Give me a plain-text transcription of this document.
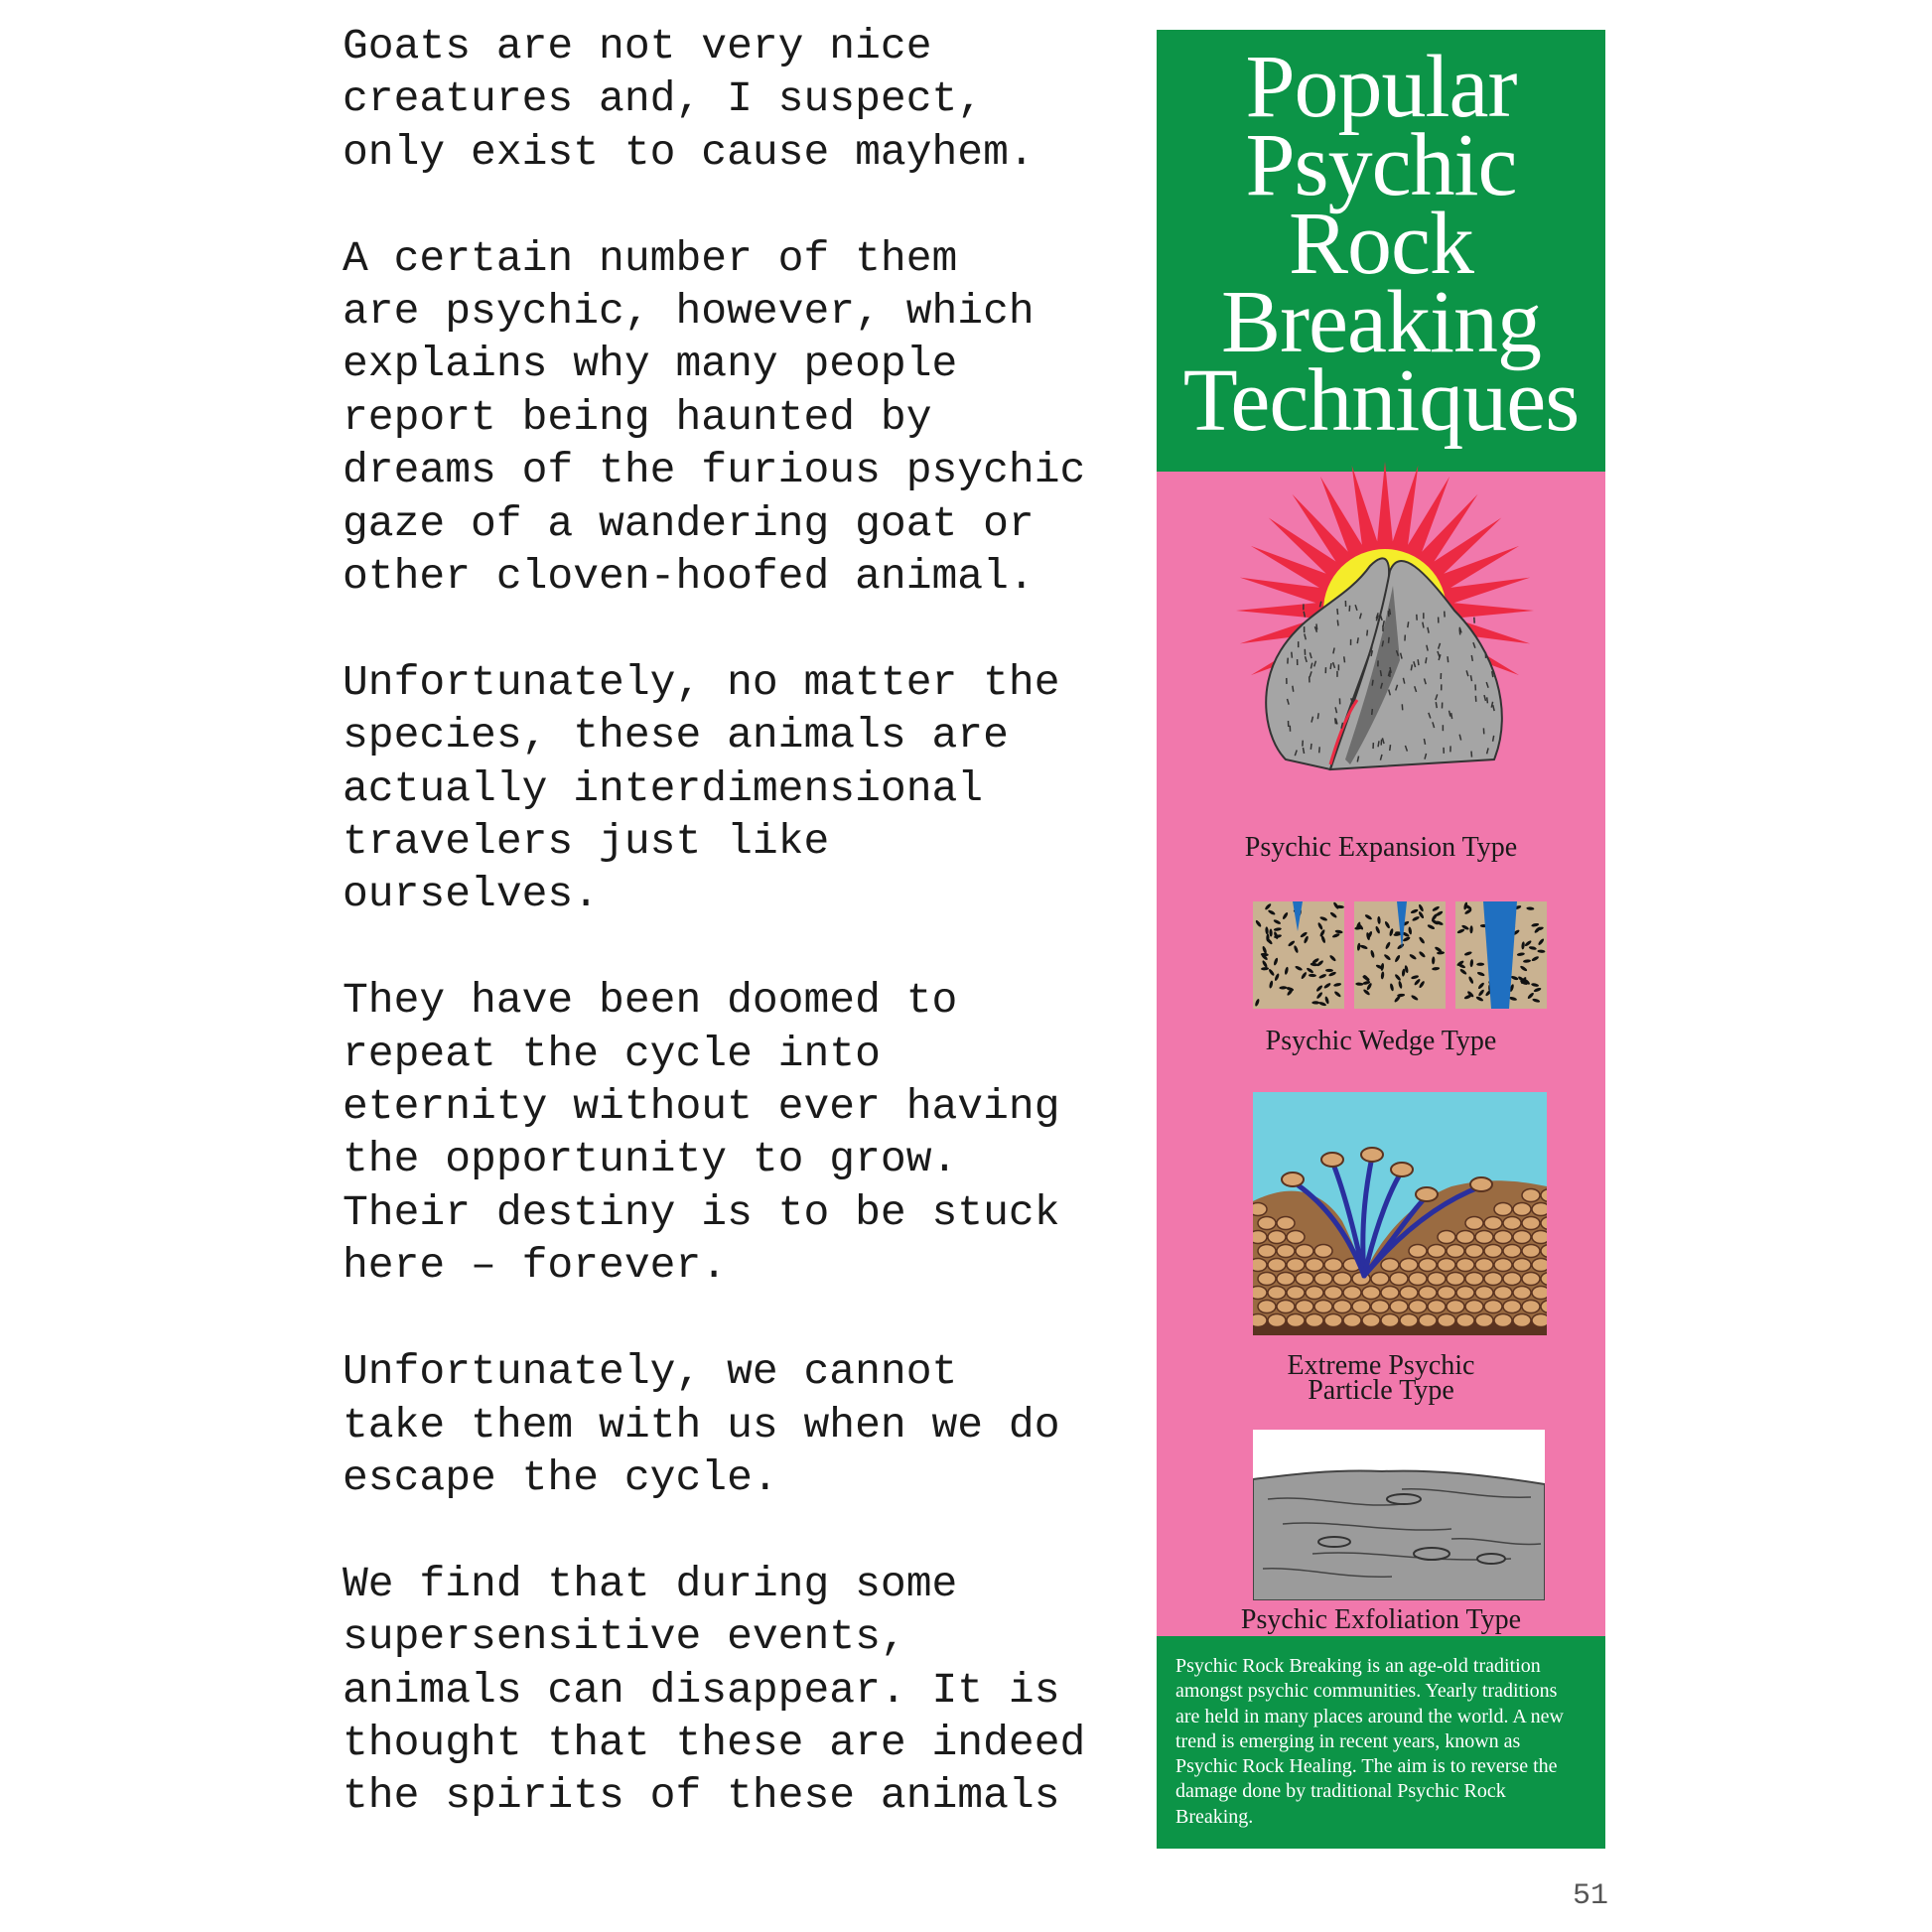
Goats are not very nice
creatures and, I suspect,
only exist to cause mayhem.

A certain number of them
are psychic, however, which
explains why many people
report being haunted by
dreams of the furious psychic
gaze of a wandering goat or
other cloven-hoofed animal.

Unfortunately, no matter the
species, these animals are
actually interdimensional
travelers just like
ourselves.

They have been doomed to
repeat the cycle into
eternity without ever having
the opportunity to grow.
Their destiny is to be stuck
here – forever.

Unfortunately, we cannot
take them with us when we do
escape the cycle.

We find that during some
supersensitive events,
animals can disappear. It is
thought that these are indeed
the spirits of these animals

Popular
Psychic
Rock
Breaking
Techniques
Psychic Expansion Type
Psychic Wedge Type
Extreme Psychic
Particle Type
Psychic Exfoliation Type

Psychic Rock Breaking is an age-old tradition amongst psychic communities. Yearly traditions are held in many places around the world. A new trend is emerging in recent years, known as Psychic Rock Healing. The aim is to reverse the damage done by traditional Psychic Rock Breaking.

51
